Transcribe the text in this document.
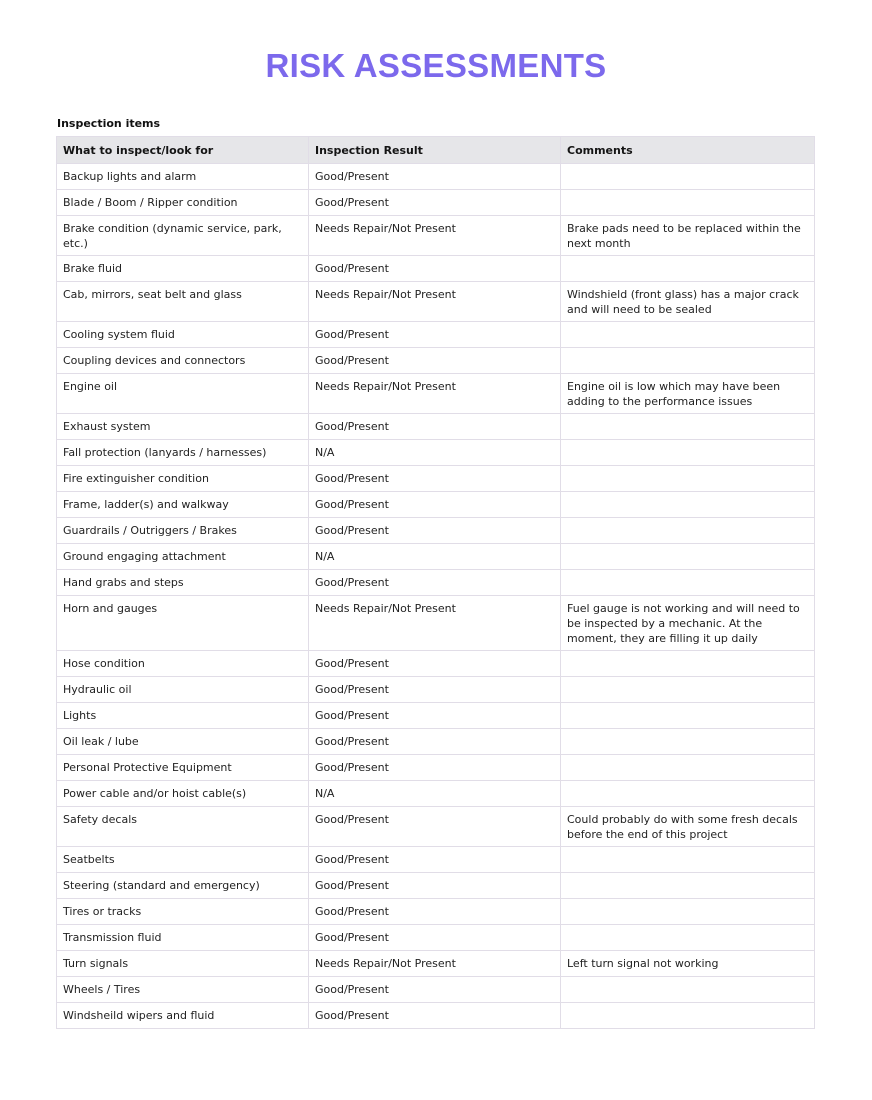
RISK ASSESSMENTS
Inspection items
What to inspect/look for	Inspection Result	Comments
Backup lights and alarm	Good/Present	
Blade / Boom / Ripper condition	Good/Present	
Brake condition (dynamic service, park, etc.)	Needs Repair/Not Present	Brake pads need to be replaced within the next month
Brake fluid	Good/Present	
Cab, mirrors, seat belt and glass	Needs Repair/Not Present	Windshield (front glass) has a major crack and will need to be sealed
Cooling system fluid	Good/Present	
Coupling devices and connectors	Good/Present	
Engine oil	Needs Repair/Not Present	Engine oil is low which may have been adding to the performance issues
Exhaust system	Good/Present	
Fall protection (lanyards / harnesses)	N/A	
Fire extinguisher condition	Good/Present	
Frame, ladder(s) and walkway	Good/Present	
Guardrails / Outriggers / Brakes	Good/Present	
Ground engaging attachment	N/A	
Hand grabs and steps	Good/Present	
Horn and gauges	Needs Repair/Not Present	Fuel gauge is not working and will need to be inspected by a mechanic. At the moment, they are filling it up daily
Hose condition	Good/Present	
Hydraulic oil	Good/Present	
Lights	Good/Present	
Oil leak / lube	Good/Present	
Personal Protective Equipment	Good/Present	
Power cable and/or hoist cable(s)	N/A	
Safety decals	Good/Present	Could probably do with some fresh decals before the end of this project
Seatbelts	Good/Present	
Steering (standard and emergency)	Good/Present	
Tires or tracks	Good/Present	
Transmission fluid	Good/Present	
Turn signals	Needs Repair/Not Present	Left turn signal not working
Wheels / Tires	Good/Present	
Windsheild wipers and fluid	Good/Present	
